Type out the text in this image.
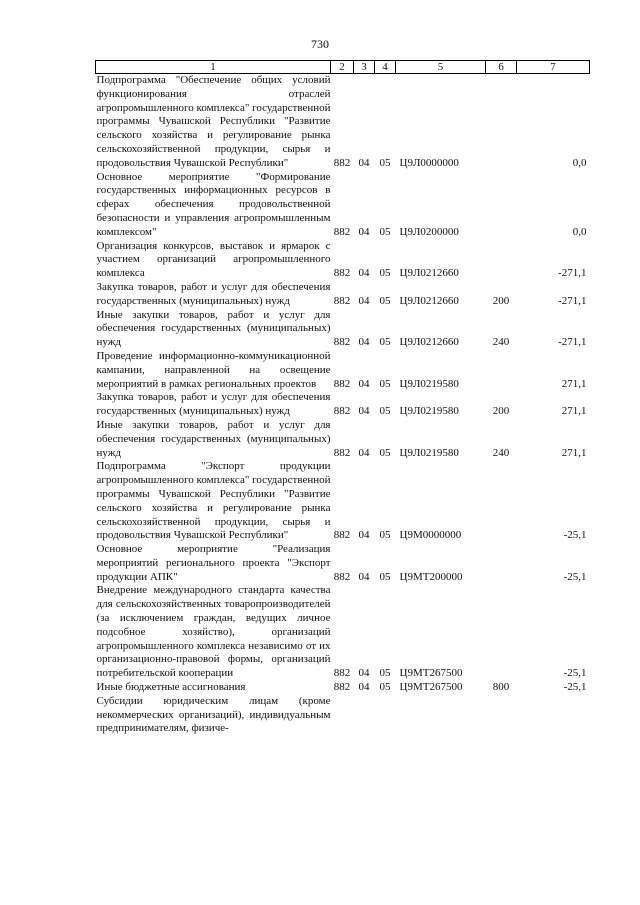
730
1	2	3	4	5	6	7
Подпрограмма "Обеспечение общих условий функционирования отраслей агропромышленного комплекса" государственной программы Чувашской Республики "Развитие сельского хозяйства и регулирование рынка сельскохозяйственной продукции, сырья и продовольствия Чувашской Республики"	882	04	05	Ц9Л0000000		0,0
Основное мероприятие "Формирование государственных информационных ресурсов в сферах обеспечения продовольственной безопасности и управления агропромышленным комплексом"	882	04	05	Ц9Л0200000		0,0
Организация конкурсов, выставок и ярмарок с участием организаций агропромышленного комплекса	882	04	05	Ц9Л0212660		-271,1
Закупка товаров, работ и услуг для обеспечения государственных (муниципальных) нужд	882	04	05	Ц9Л0212660	200	-271,1
Иные закупки товаров, работ и услуг для обеспечения государственных (муниципальных) нужд	882	04	05	Ц9Л0212660	240	-271,1
Проведение информационно-коммуникационной кампании, направленной на освещение мероприятий в рамках региональных проектов	882	04	05	Ц9Л0219580		271,1
Закупка товаров, работ и услуг для обеспечения государственных (муниципальных) нужд	882	04	05	Ц9Л0219580	200	271,1
Иные закупки товаров, работ и услуг для обеспечения государственных (муниципальных) нужд	882	04	05	Ц9Л0219580	240	271,1
Подпрограмма "Экспорт продукции агропромышленного комплекса" государственной программы Чувашской Республики "Развитие сельского хозяйства и регулирование рынка сельскохозяйственной продукции, сырья и продовольствия Чувашской Республики"	882	04	05	Ц9М0000000		-25,1
Основное мероприятие "Реализация мероприятий регионального проекта "Экспорт продукции АПК"	882	04	05	Ц9МТ200000		-25,1
Внедрение международного стандарта качества для сельскохозяйственных товаропроизводителей (за исключением граждан, ведущих личное подсобное хозяйство), организаций агропромышленного комплекса независимо от их организационно-правовой формы, организаций потребительской кооперации	882	04	05	Ц9МТ267500		-25,1
Иные бюджетные ассигнования	882	04	05	Ц9МТ267500	800	-25,1
Субсидии юридическим лицам (кроме некоммерческих организаций), индивидуальным предпринимателям, физиче-						
